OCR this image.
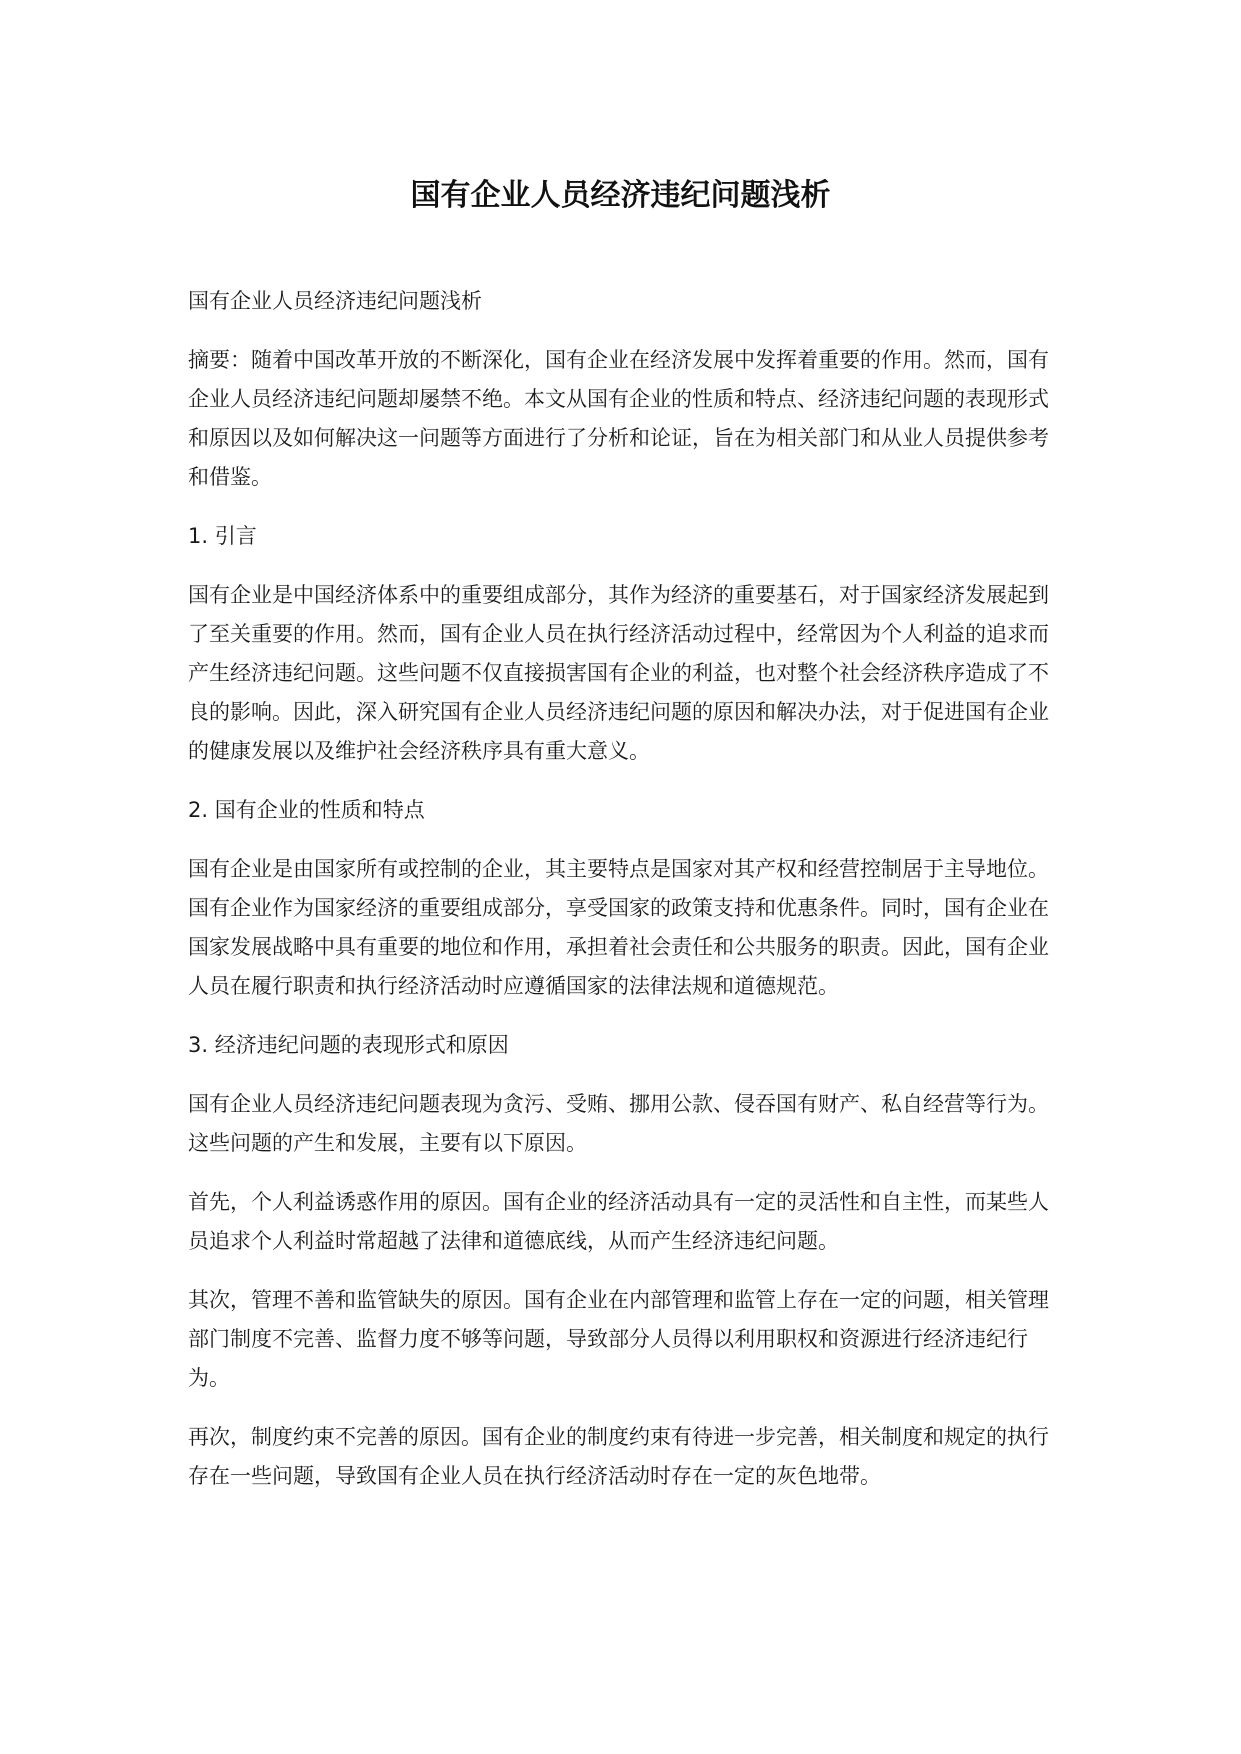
国有企业人员经济违纪问题浅析

国有企业人员经济违纪问题浅析

摘要：随着中国改革开放的不断深化，国有企业在经济发展中发挥着重要的作用。然而，国有企业人员经济违纪问题却屡禁不绝。本文从国有企业的性质和特点、经济违纪问题的表现形式和原因以及如何解决这一问题等方面进行了分析和论证，旨在为相关部门和从业人员提供参考和借鉴。

1. 引言

国有企业是中国经济体系中的重要组成部分，其作为经济的重要基石，对于国家经济发展起到了至关重要的作用。然而，国有企业人员在执行经济活动过程中，经常因为个人利益的追求而产生经济违纪问题。这些问题不仅直接损害国有企业的利益，也对整个社会经济秩序造成了不良的影响。因此，深入研究国有企业人员经济违纪问题的原因和解决办法，对于促进国有企业的健康发展以及维护社会经济秩序具有重大意义。

2. 国有企业的性质和特点

国有企业是由国家所有或控制的企业，其主要特点是国家对其产权和经营控制居于主导地位。国有企业作为国家经济的重要组成部分，享受国家的政策支持和优惠条件。同时，国有企业在国家发展战略中具有重要的地位和作用，承担着社会责任和公共服务的职责。因此，国有企业人员在履行职责和执行经济活动时应遵循国家的法律法规和道德规范。

3. 经济违纪问题的表现形式和原因

国有企业人员经济违纪问题表现为贪污、受贿、挪用公款、侵吞国有财产、私自经营等行为。这些问题的产生和发展，主要有以下原因。

首先，个人利益诱惑作用的原因。国有企业的经济活动具有一定的灵活性和自主性，而某些人员追求个人利益时常超越了法律和道德底线，从而产生经济违纪问题。

其次，管理不善和监管缺失的原因。国有企业在内部管理和监管上存在一定的问题，相关管理部门制度不完善、监督力度不够等问题，导致部分人员得以利用职权和资源进行经济违纪行为。

再次，制度约束不完善的原因。国有企业的制度约束有待进一步完善，相关制度和规定的执行存在一些问题，导致国有企业人员在执行经济活动时存在一定的灰色地带。
